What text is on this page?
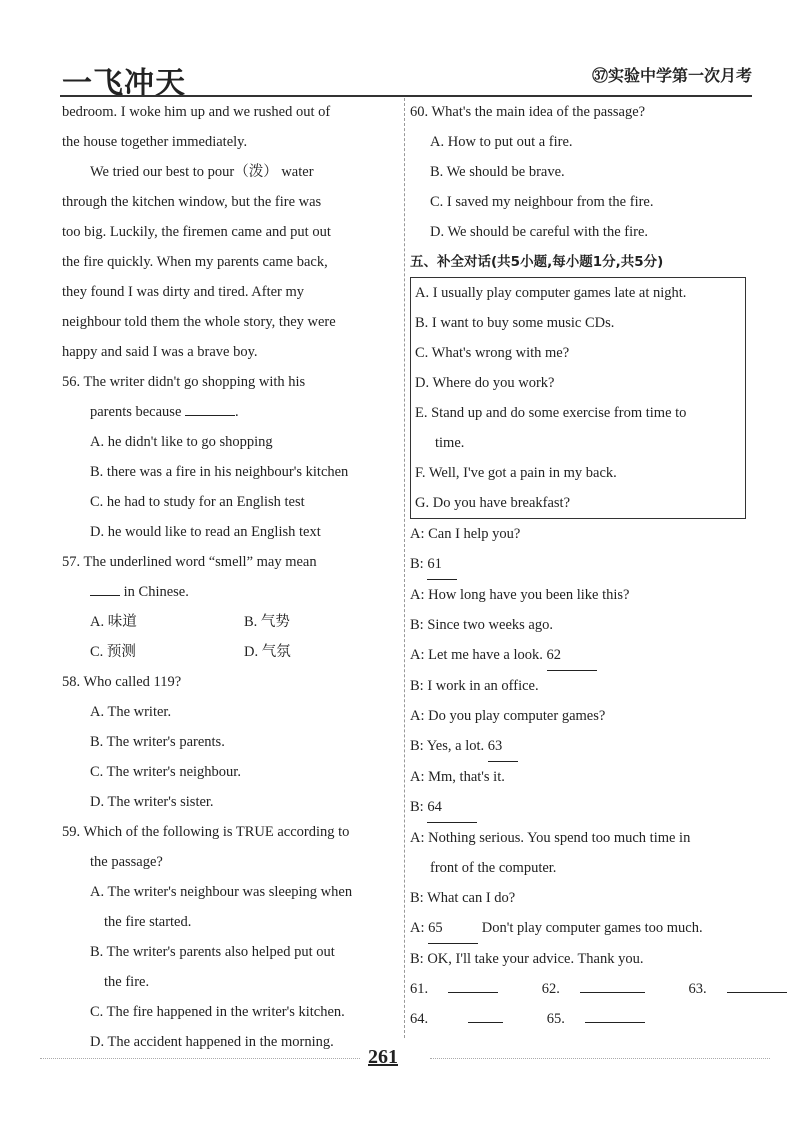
一飞冲天	㊲实验中学第一次月考
bedroom. I woke him up and we rushed out of
the house together immediately.
We tried our best to pour（泼） water
through the kitchen window, but the fire was
too big. Luckily, the firemen came and put out
the fire quickly. When my parents came back,
they found I was dirty and tired. After my
neighbour told them the whole story, they were
happy and said I was a brave boy.
56. The writer didn't go shopping with his
parents because	.
A. he didn't like to go shopping
B. there was a fire in his neighbour's kitchen
C. he had to study for an English test
D. he would like to read an English text
57. The underlined word “smell” may mean
in Chinese.
A. 味道	B. 气势
C. 预测	D. 气氛
58. Who called 119?
A. The writer.
B. The writer's parents.
C. The writer's neighbour.
D. The writer's sister.
59. Which of the following is TRUE according to
the passage?
A. The writer's neighbour was sleeping when
the fire started.
B. The writer's parents also helped put out
the fire.
C. The fire happened in the writer's kitchen.
D. The accident happened in the morning.
60. What's the main idea of the passage?
A. How to put out a fire.
B. We should be brave.
C. I saved my neighbour from the fire.
D. We should be careful with the fire.
五、补全对话(共5小题,每小题1分,共5分)
A. I usually play computer games late at night.
B. I want to buy some music CDs.
C. What's wrong with me?
D. Where do you work?
E. Stand up and do some exercise from time to
time.
F. Well, I've got a pain in my back.
G. Do you have breakfast?
A: Can I help you?
B: 61
A: How long have you been like this?
B: Since two weeks ago.
A: Let me have a look. 62
B: I work in an office.
A: Do you play computer games?
B: Yes, a lot. 63
A: Mm, that's it.
B: 64
A: Nothing serious. You spend too much time in
front of the computer.
B: What can I do?
A: 65	Don't play computer games too much.
B: OK, I'll take your advice. Thank you.
61.	62.	63.
64.	65.
261
